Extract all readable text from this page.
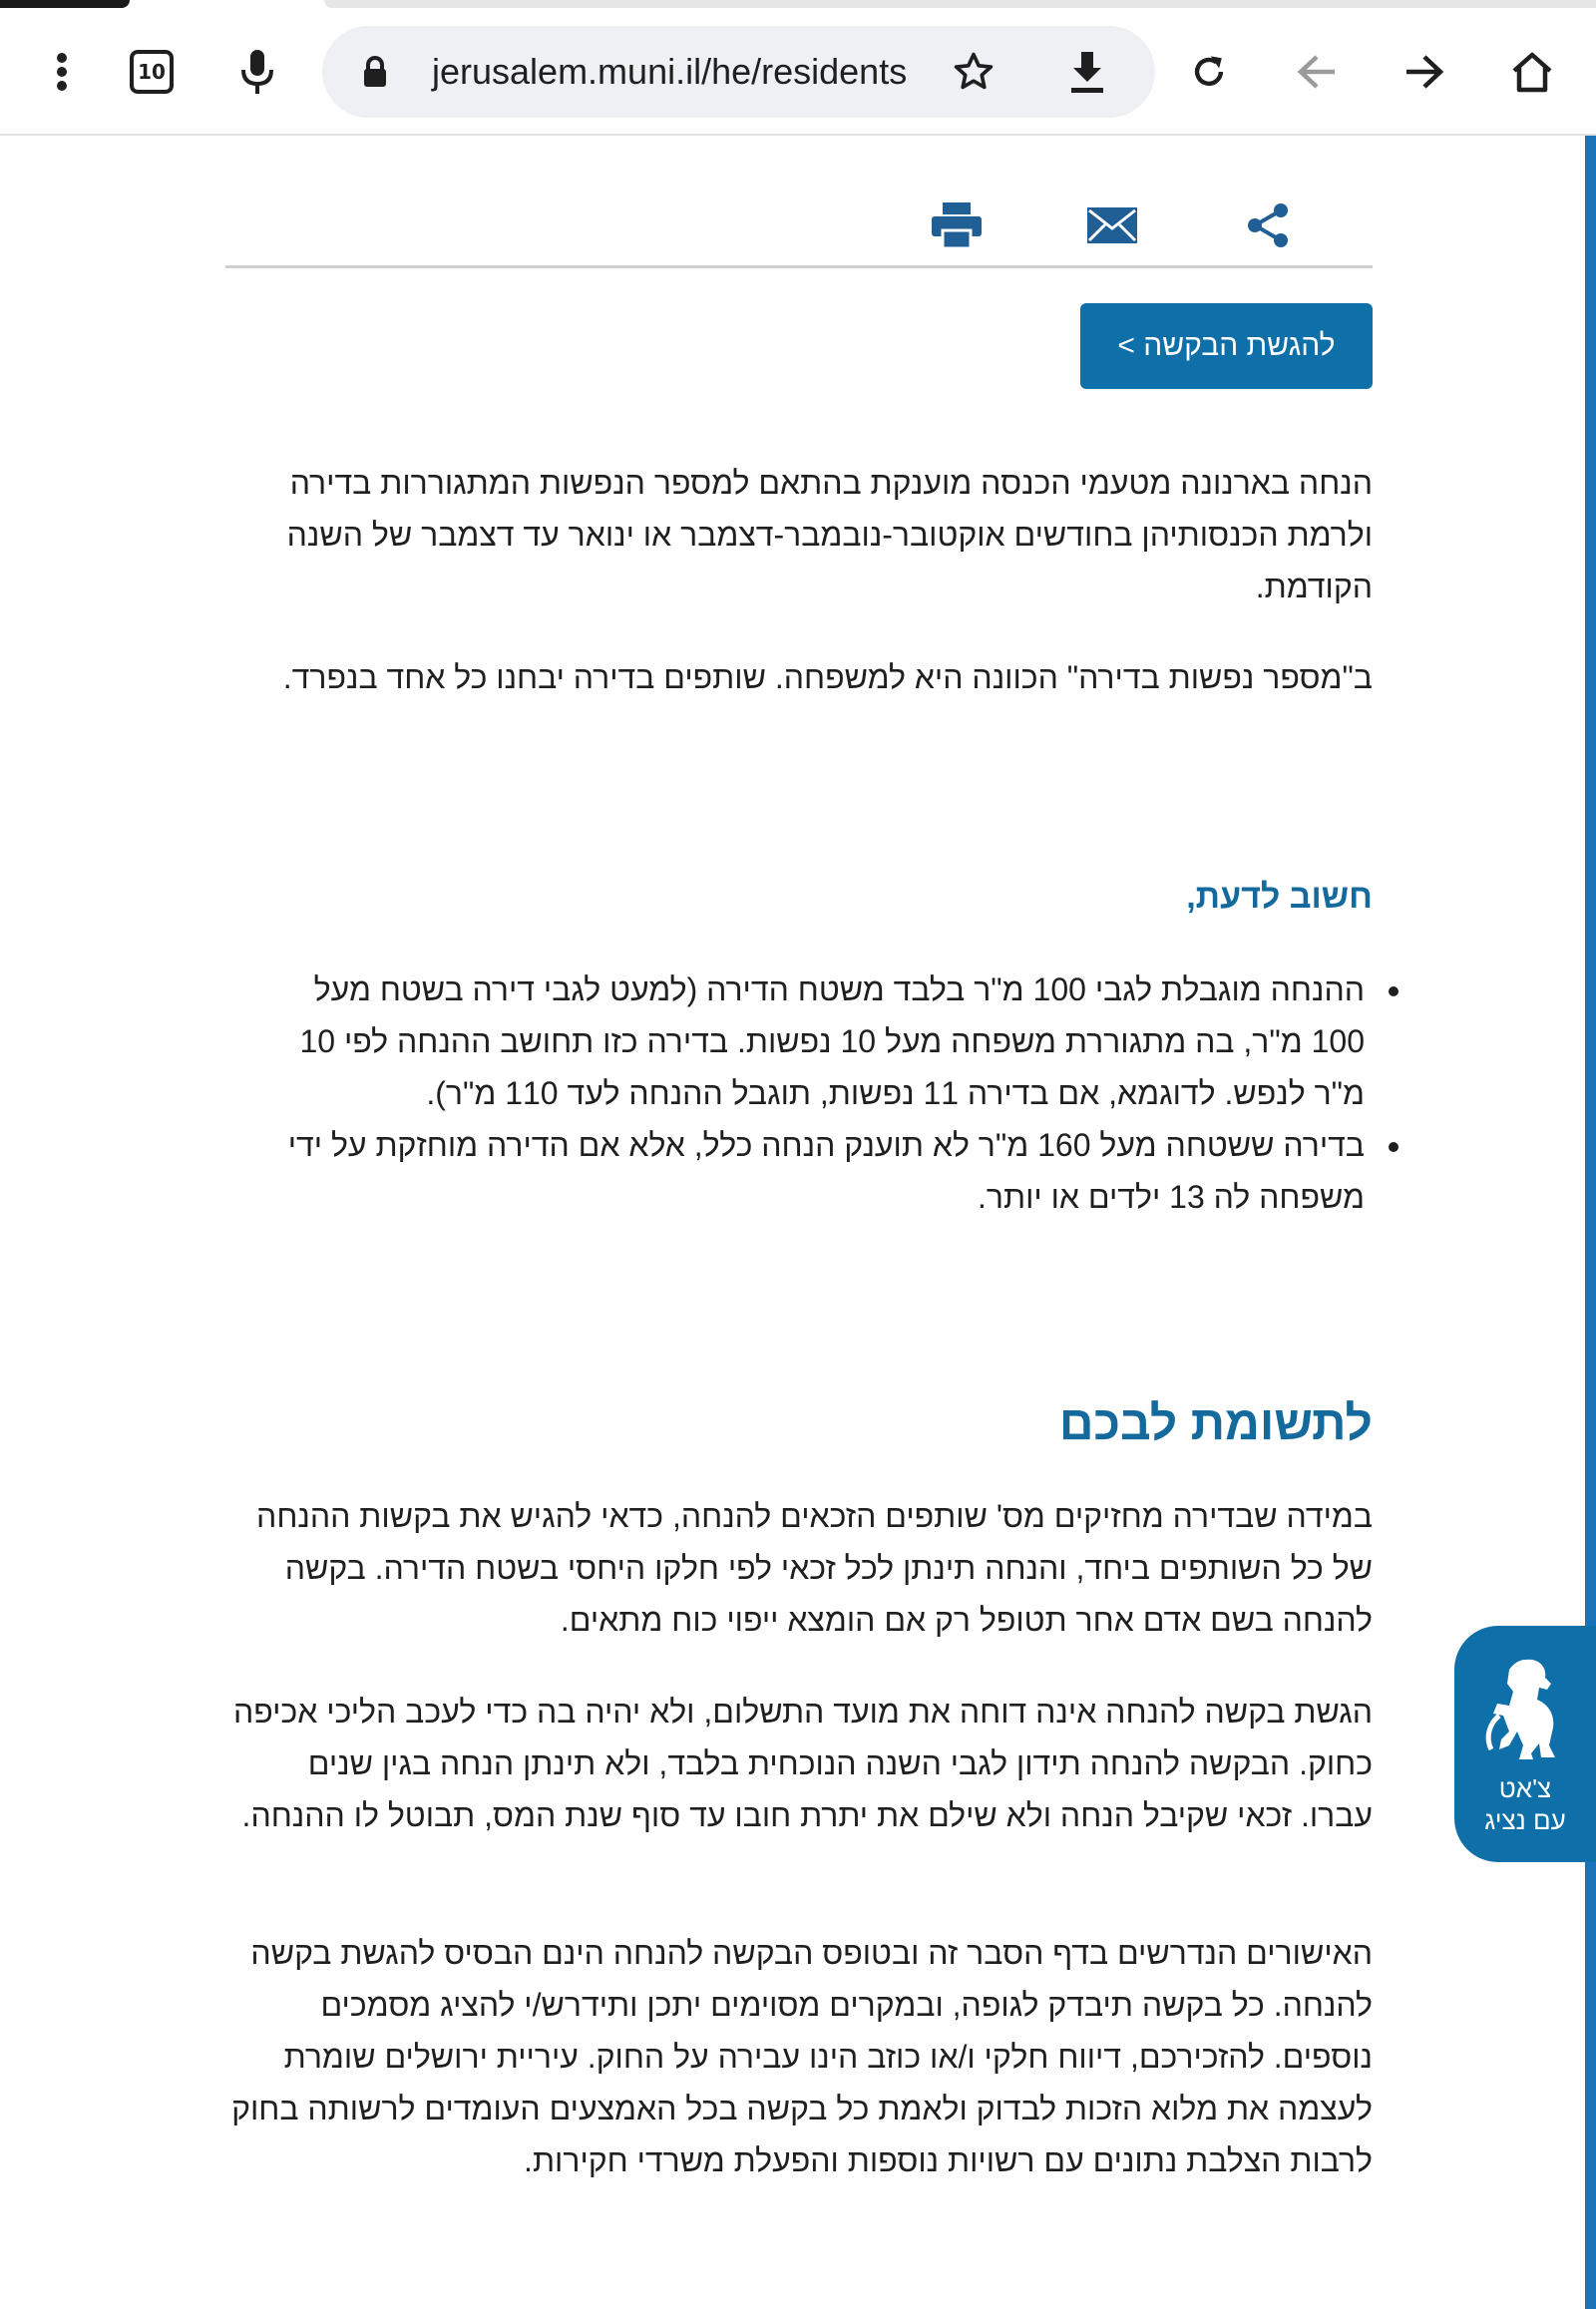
10	jerusalem.muni.il/he/residents
להגשת הבקשה >

הנחה בארנונה מטעמי הכנסה מוענקת בהתאם למספר הנפשות המתגוררות בדירה ולרמת הכנסותיהן בחודשים אוקטובר-נובמבר-דצמבר או ינואר עד דצמבר של השנה הקודמת.

ב"מספר נפשות בדירה" הכוונה היא למשפחה. שותפים בדירה יבחנו כל אחד בנפרד.

חשוב לדעת,
• ההנחה מוגבלת לגבי 100 מ"ר בלבד משטח הדירה (למעט לגבי דירה בשטח מעל 100 מ"ר, בה מתגוררת משפחה מעל 10 נפשות. בדירה כזו תחושב ההנחה לפי 10 מ"ר לנפש. לדוגמא, אם בדירה 11 נפשות, תוגבל ההנחה לעד 110 מ"ר).
• בדירה ששטחה מעל 160 מ"ר לא תוענק הנחה כלל, אלא אם הדירה מוחזקת על ידי משפחה לה 13 ילדים או יותר.
לתשומת לבכם

במידה שבדירה מחזיקים מס' שותפים הזכאים להנחה, כדאי להגיש את בקשות ההנחה של כל השותפים ביחד, והנחה תינתן לכל זכאי לפי חלקו היחסי בשטח הדירה. בקשה להנחה בשם אדם אחר תטופל רק אם הומצא ייפוי כוח מתאים.

הגשת בקשה להנחה אינה דוחה את מועד התשלום, ולא יהיה בה כדי לעכב הליכי אכיפה כחוק. הבקשה להנחה תידון לגבי השנה הנוכחית בלבד, ולא תינתן הנחה בגין שנים עברו. זכאי שקיבל הנחה ולא שילם את יתרת חובו עד סוף שנת המס, תבוטל לו ההנחה.

האישורים הנדרשים בדף הסבר זה ובטופס הבקשה להנחה הינם הבסיס להגשת בקשה להנחה. כל בקשה תיבדק לגופה, ובמקרים מסוימים יתכן ותידרש/י להציג מסמכים נוספים. להזכירכם, דיווח חלקי ו/או כוזב הינו עבירה על החוק. עיריית ירושלים שומרת לעצמה את מלוא הזכות לבדוק ולאמת כל בקשה בכל האמצעים העומדים לרשותה בחוק לרבות הצלבת נתונים עם רשויות נוספות והפעלת משרדי חקירות.

צ'אט
עם נציג
